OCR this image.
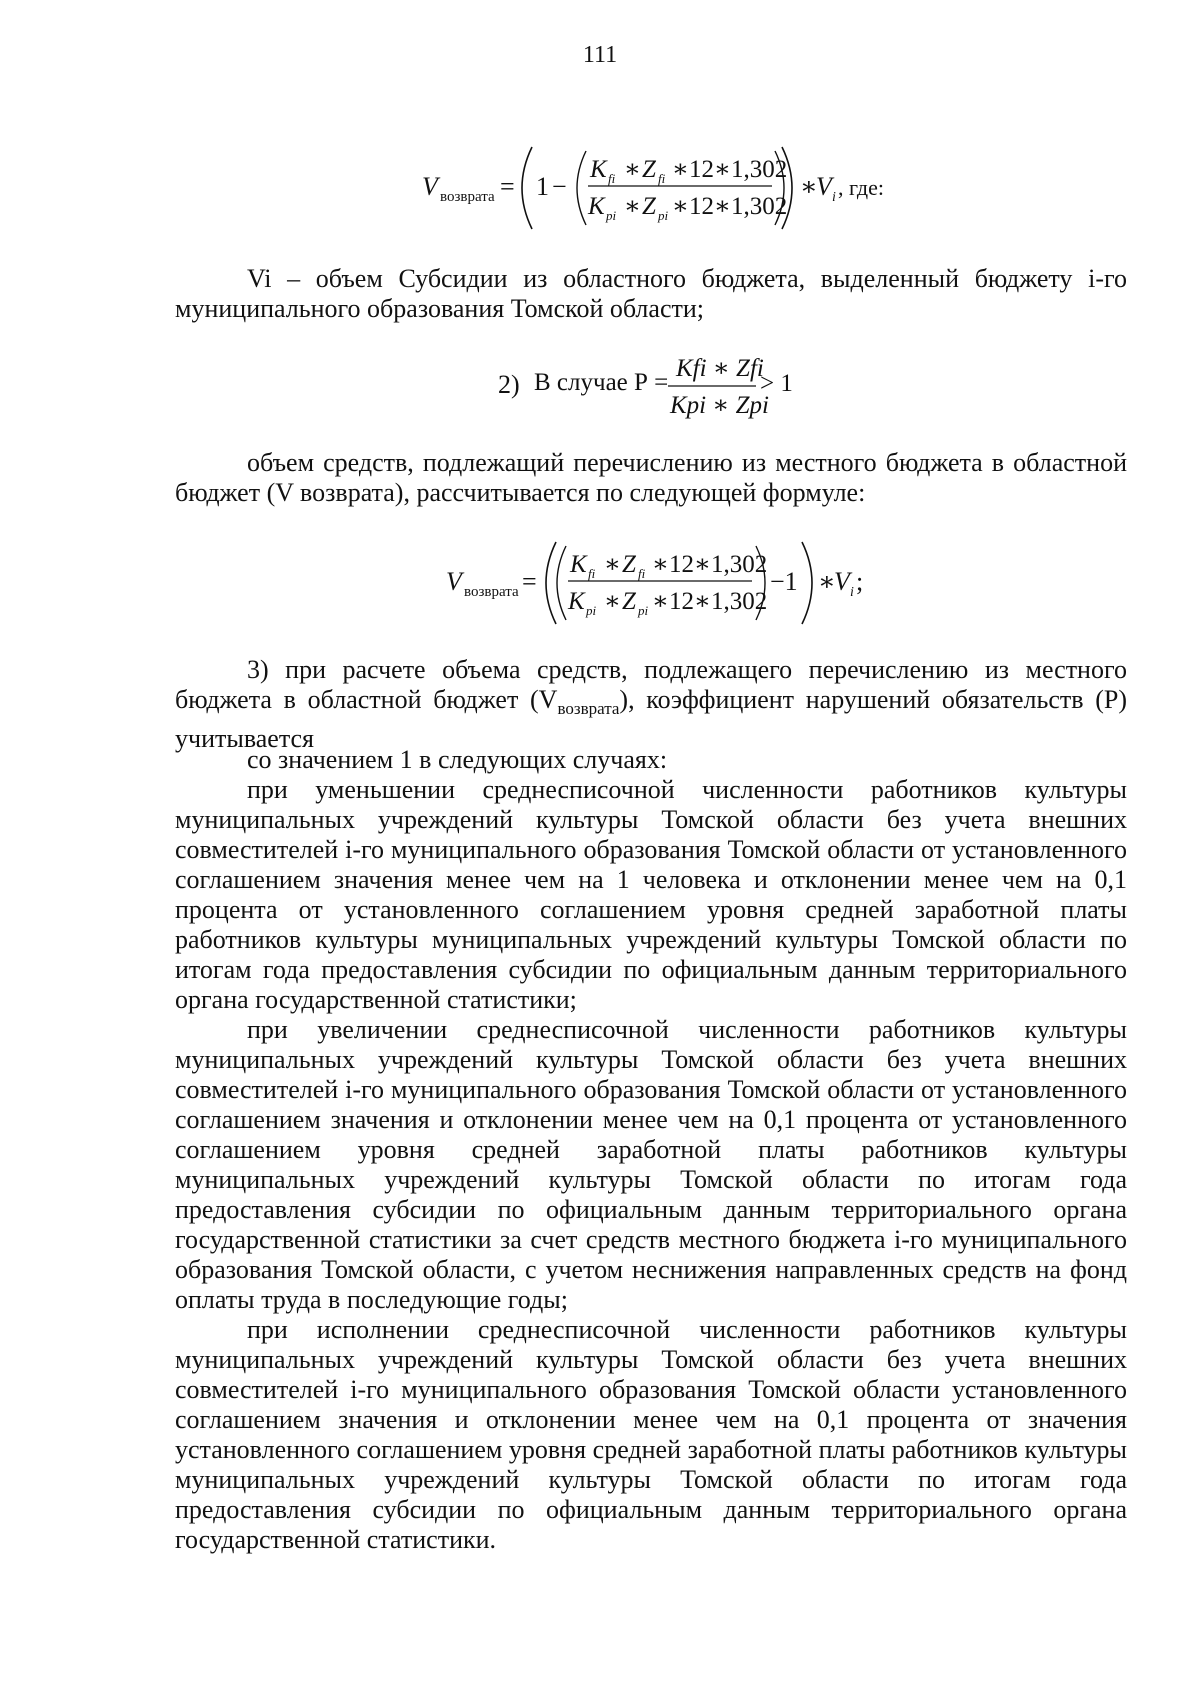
111
V возврата = 1 −
K fi ∗ Z fi ∗12∗1,302
K pi ∗ Z pi ∗12∗1,302
∗
V i , где:

Vi – объем Субсидии из областного бюджета, выделенный бюджету i-го муниципального образования Томской области;

2) В случае Р =
Kfi ∗ Zfi
Kpi ∗ Zpi
> 1

объем средств, подлежащий перечислению из местного бюджета в областной бюджет (V возврата), рассчитывается по следующей формуле:

V возврата =
K fi ∗ Z fi ∗12∗1,302
K pi ∗ Z pi ∗12∗1,302
−1 ∗
V i ;

3) при расчете объема средств, подлежащего перечислению из местного бюджета в областной бюджет $(V_{возврата})$, коэффициент нарушений обязательств (Р) учитывается

со значением 1 в следующих случаях:

при уменьшении среднесписочной численности работников культуры муниципальных учреждений культуры Томской области без учета внешних совместителей i-го муниципального образования Томской области от установленного соглашением значения менее чем на 1 человека и отклонении менее чем на 0,1 процента от установленного соглашением уровня средней заработной платы работников культуры муниципальных учреждений культуры Томской области по итогам года предоставления субсидии по официальным данным территориального органа государственной статистики;

при увеличении среднесписочной численности работников культуры муниципальных учреждений культуры Томской области без учета внешних совместителей i-го муниципального образования Томской области от установленного соглашением значения и отклонении менее чем на 0,1 процента от установленного соглашением уровня средней заработной платы работников культуры муниципальных учреждений культуры Томской области по итогам года предоставления субсидии по официальным данным территориального органа государственной статистики за счет средств местного бюджета i-го муниципального образования Томской области, с учетом неснижения направленных средств на фонд оплаты труда в последующие годы;

при исполнении среднесписочной численности работников культуры муниципальных учреждений культуры Томской области без учета внешних совместителей i-го муниципального образования Томской области установленного соглашением значения и отклонении менее чем на 0,1 процента от значения установленного соглашением уровня средней заработной платы работников культуры муниципальных учреждений культуры Томской области по итогам года предоставления субсидии по официальным данным территориального органа государственной статистики.
